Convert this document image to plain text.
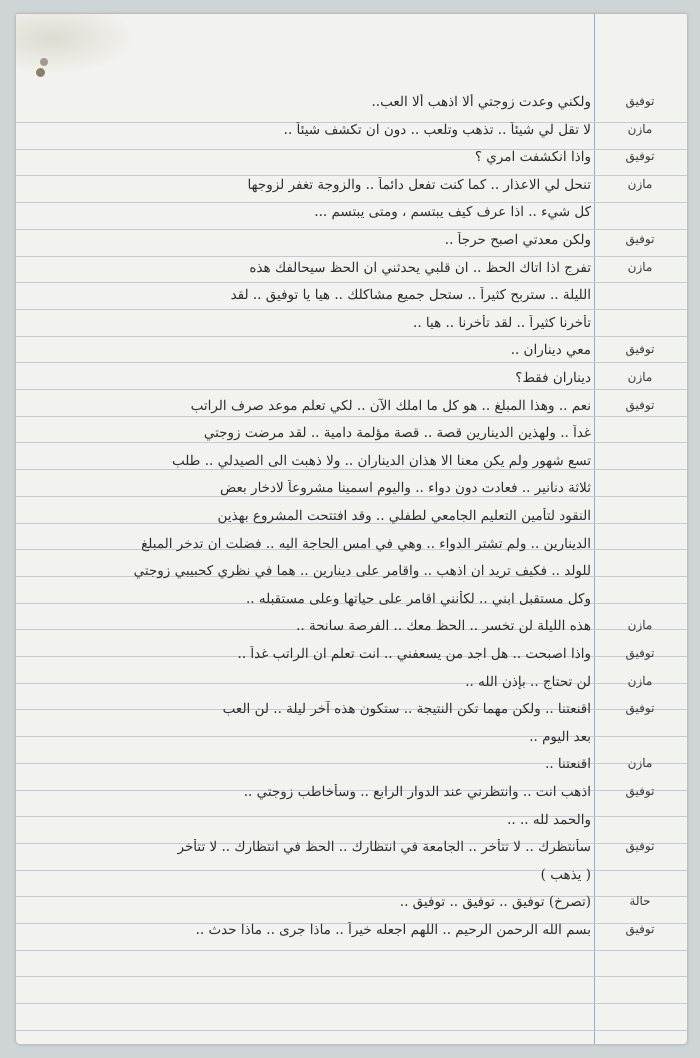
توفيق
ولكني وعدت زوجتي ألا اذهب ألا العب..
مازن
لا تقل لي شيئاً .. تذهب وتلعب .. دون ان تكشف شيئاً ..
توفيق
واذا انكشفت امري ؟
مازن
تنحل لي الاعذار .. كما كنت تفعل دائماً .. والزوجة تغفر لزوجها
كل شيء .. اذا عرف كيف يبتسم ، ومتى يبتسم ...
توفيق
ولكن معدتي اصبح حرجاً ..
مازن
تفرج اذا اتاك الحظ .. ان قلبي يحدثني ان الحظ سيحالفك هذه
الليلة .. ستربح كثيراً .. ستحل جميع مشاكلك .. هيا يا توفيق .. لقد
تأخرنا كثيراً .. لقد تأخرنا .. هيا ..
توفيق
معي ديناران ..
مازن
ديناران فقط؟
توفيق
نعم .. وهذا المبلغ .. هو كل ما املك الآن .. لكي تعلم موعد صرف الراتب
غداً .. ولهذين الدينارين قصة .. قصة مؤلمة دامية .. لقد مرضت زوجتي
تسع شهور ولم يكن معنا الا هذان الديناران .. ولا ذهبت الى الصيدلي .. طلب
ثلاثة دنانير .. فعادت دون دواء .. واليوم اسمينا مشروعاً لادخار بعض
النقود لتأمين التعليم الجامعي لطفلي .. وقد افتتحت المشروع بهذين
الدينارين .. ولم تشتر الدواء .. وهي في امس الحاجة اليه .. فضلت ان تدخر المبلغ
للولد .. فكيف تريد ان اذهب .. واقامر على دينارين .. هما في نظري كحبيبي زوجتي
وكل مستقبل ابني .. لكأنني اقامر على حياتها وعلى مستقبله ..
مازن
هذه الليلة لن تخسر .. الحظ معك .. الفرصة سانحة ..
توفيق
واذا اصبحت .. هل اجد من يسعفني .. انت تعلم ان الراتب غداً ..
مازن
لن تحتاج .. بإذن الله ..
توفيق
اقنعتنا .. ولكن مهما تكن النتيجة .. ستكون هذه آخر ليلة .. لن العب
بعد اليوم ..
مازن
اقنعتنا ..
توفيق
اذهب انت .. وانتظرني عند الدوار الرابع .. وسأخاطب زوجتي ..
والحمد لله .. ..
توفيق
سأنتظرك .. لا تتأخر .. الجامعة في انتظارك .. الحظ في انتظارك .. لا تتأخر
( يذهب )
حالة
(تصرخ) توفيق .. توفيق .. توفيق ..
توفيق
بسم الله الرحمن الرحيم .. اللهم اجعله خيراً .. ماذا جرى .. ماذا حدث ..
